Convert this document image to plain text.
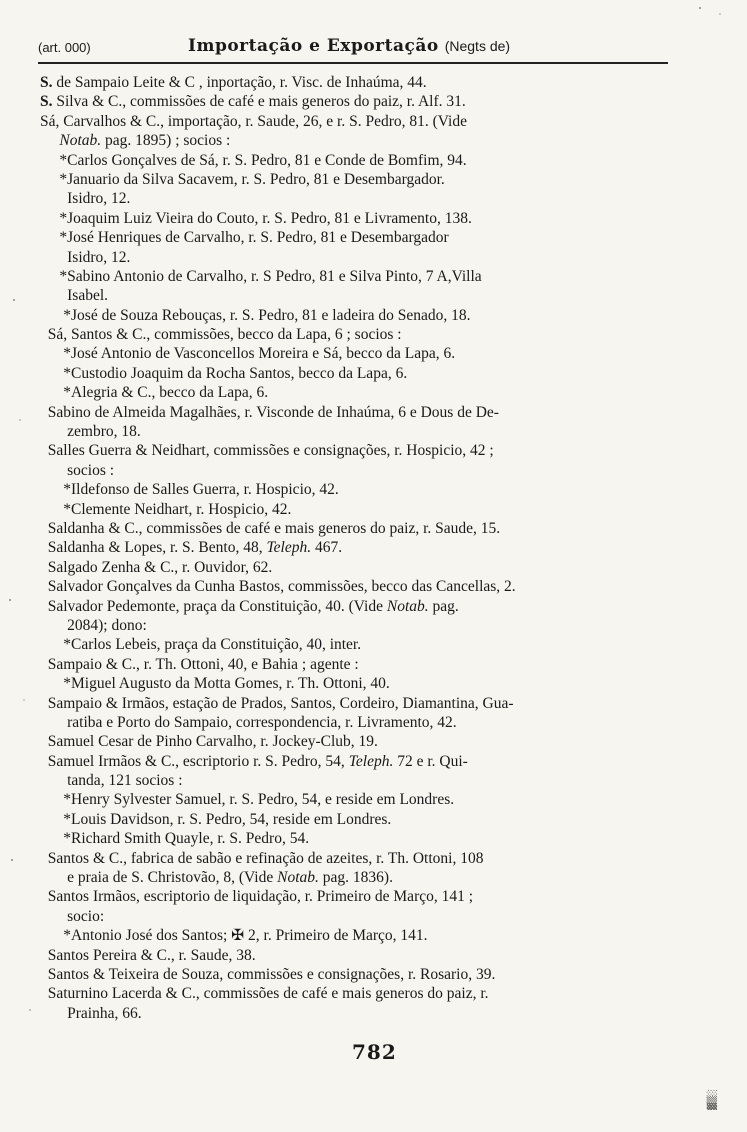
(art. 000)	Importação e Exportação (Negts de)
S. de Sampaio Leite & C , inportação, r. Visc. de Inhaúma, 44.
S. Silva & C., commissões de café e mais generos do paiz, r. Alf. 31.
Sá, Carvalhos & C., importação, r. Saude, 26, e r. S. Pedro, 81. (Vide
Notab. pag. 1895) ; socios :
*Carlos Gonçalves de Sá, r. S. Pedro, 81 e Conde de Bomfim, 94.
*Januario da Silva Sacavem, r. S. Pedro, 81 e Desembargador.
Isidro, 12.
*Joaquim Luiz Vieira do Couto, r. S. Pedro, 81 e Livramento, 138.
*José Henriques de Carvalho, r. S. Pedro, 81 e Desembargador
Isidro, 12.
*Sabino Antonio de Carvalho, r. S Pedro, 81 e Silva Pinto, 7 A,Villa
Isabel.
*José de Souza Rebouças, r. S. Pedro, 81 e ladeira do Senado, 18.
Sá, Santos & C., commissões, becco da Lapa, 6 ; socios :
*José Antonio de Vasconcellos Moreira e Sá, becco da Lapa, 6.
*Custodio Joaquim da Rocha Santos, becco da Lapa, 6.
*Alegria & C., becco da Lapa, 6.
Sabino de Almeida Magalhães, r. Visconde de Inhaúma, 6 e Dous de De-
zembro, 18.
Salles Guerra & Neidhart, commissões e consignações, r. Hospicio, 42 ;
socios :
*Ildefonso de Salles Guerra, r. Hospicio, 42.
*Clemente Neidhart, r. Hospicio, 42.
Saldanha & C., commissões de café e mais generos do paiz, r. Saude, 15.
Saldanha & Lopes, r. S. Bento, 48, Teleph. 467.
Salgado Zenha & C., r. Ouvidor, 62.
Salvador Gonçalves da Cunha Bastos, commissões, becco das Cancellas, 2.
Salvador Pedemonte, praça da Constituição, 40. (Vide Notab. pag.
2084); dono:
*Carlos Lebeis, praça da Constituição, 40, inter.
Sampaio & C., r. Th. Ottoni, 40, e Bahia ; agente :
*Miguel Augusto da Motta Gomes, r. Th. Ottoni, 40.
Sampaio & Irmãos, estação de Prados, Santos, Cordeiro, Diamantina, Gua-
ratiba e Porto do Sampaio, correspondencia, r. Livramento, 42.
Samuel Cesar de Pinho Carvalho, r. Jockey-Club, 19.
Samuel Irmãos & C., escriptorio r. S. Pedro, 54, Teleph. 72 e r. Qui-
tanda, 121 socios :
*Henry Sylvester Samuel, r. S. Pedro, 54, e reside em Londres.
*Louis Davidson, r. S. Pedro, 54, reside em Londres.
*Richard Smith Quayle, r. S. Pedro, 54.
Santos & C., fabrica de sabão e refinação de azeites, r. Th. Ottoni, 108
e praia de S. Christovão, 8, (Vide Notab. pag. 1836).
Santos Irmãos, escriptorio de liquidação, r. Primeiro de Março, 141 ;
socio:
*Antonio José dos Santos; ✠ 2, r. Primeiro de Março, 141.
Santos Pereira & C., r. Saude, 38.
Santos & Teixeira de Souza, commissões e consignações, r. Rosario, 39.
Saturnino Lacerda & C., commissões de café e mais generos do paiz, r.
Prainha, 66.
782
▓▒░
